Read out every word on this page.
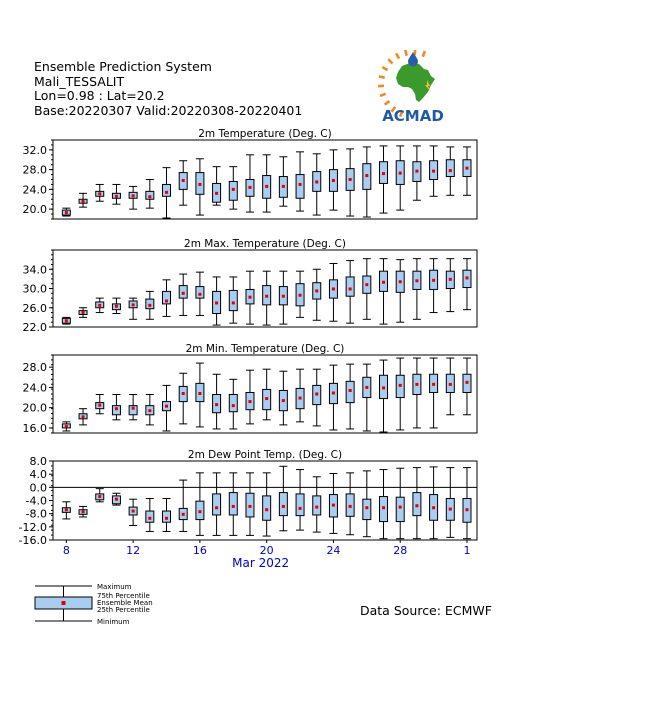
Ensemble Prediction System
Mali_TESSALIT
Lon=0.98 : Lat=20.2
Base:20220307 Valid:20220308-20220401	ACMAD
32.0
28.0
24.0
20.0
2m Temperature (Deg. C)
34.0
30.0
26.0
22.0
2m Max. Temperature (Deg. C)
28.0
24.0
20.0
16.0
2m Min. Temperature (Deg. C)
8.0
4.0
0.0
-4.0
-8.0
-12.0
-16.0
2m Dew Point Temp. (Deg. C)
8	12	16	20	24	28	1
Mar 2022
Maximum
75th Percentile
Ensemble Mean
25th Percentile
Minimum
Data Source: ECMWF
